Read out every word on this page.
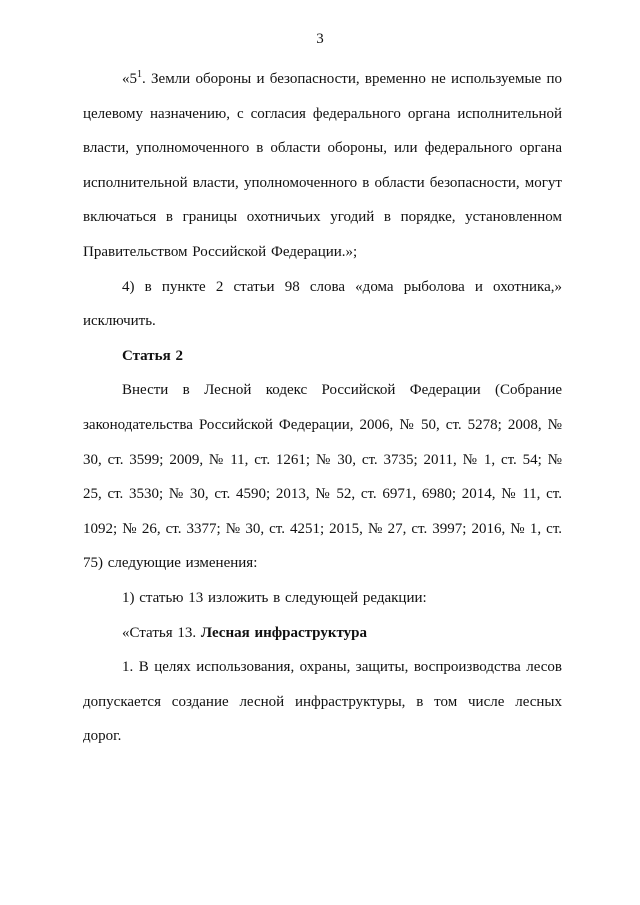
3

«$5^1$. Земли обороны и безопасности, временно не используемые по целевому назначению, с согласия федерального органа исполнительной власти, уполномоченного в области обороны, или федерального органа исполнительной власти, уполномоченного в области безопасности, могут включаться в границы охотничьих угодий в порядке, установленном Правительством Российской Федерации.»;

4) в пункте 2 статьи 98 слова «дома рыболова и охотника,» исключить.

Статья 2

Внести в Лесной кодекс Российской Федерации (Собрание законодательства Российской Федерации, 2006, № 50, ст. 5278; 2008, № 30, ст. 3599; 2009, № 11, ст. 1261; № 30, ст. 3735; 2011, № 1, ст. 54; № 25, ст. 3530; № 30, ст. 4590; 2013, № 52, ст. 6971, 6980; 2014, № 11, ст. 1092; № 26, ст. 3377; № 30, ст. 4251; 2015, № 27, ст. 3997; 2016, № 1, ст. 75) следующие изменения:

1) статью 13 изложить в следующей редакции:

«Статья 13. Лесная инфраструктура

1. В целях использования, охраны, защиты, воспроизводства лесов допускается создание лесной инфраструктуры, в том числе лесных дорог.
